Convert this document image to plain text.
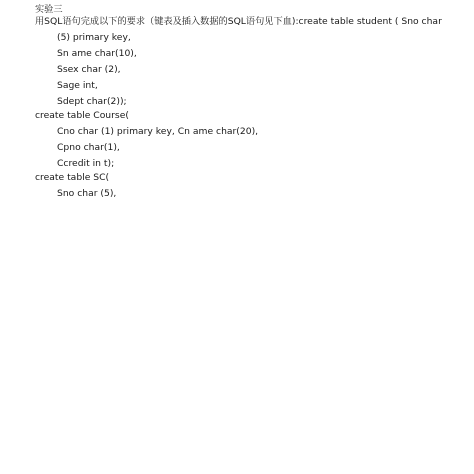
实验三
用SQL语句完成以下的要求（键表及插入数据的SQL语句见下血):create table student ( Sno char
(5) primary key,
Sn ame char(10),
Ssex char (2),
Sage int,
Sdept char(2));
create table Course(
Cno char (1) primary key, Cn ame char(20),
Cpno char(1),
Ccredit in t);
create table SC(
Sno char (5),
